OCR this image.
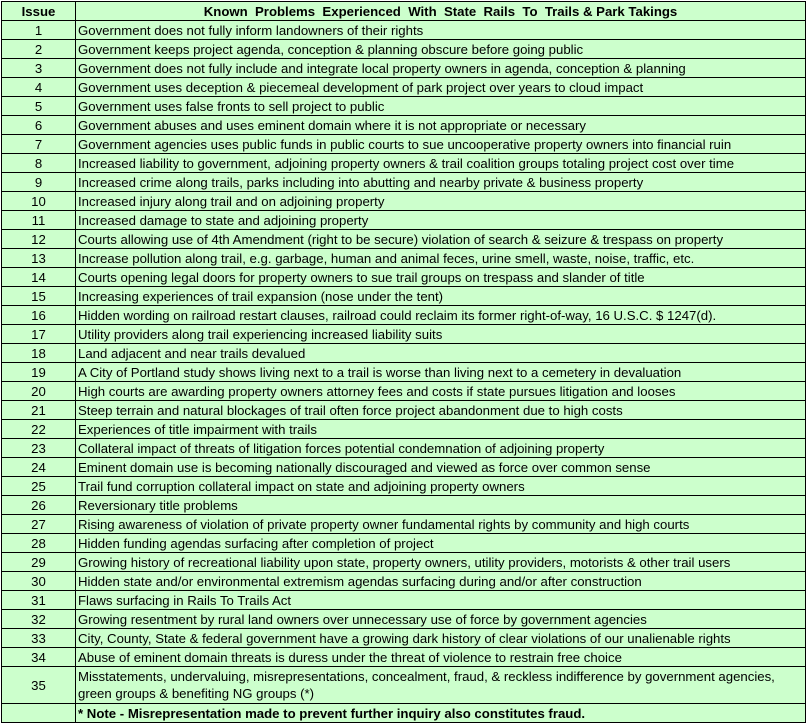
Issue	Known  Problems  Experienced  With  State  Rails  To  Trails & Park Takings
1	Government does not fully inform landowners of their rights
2	Government keeps project agenda, conception & planning obscure before going public
3	Government does not fully include and integrate local property owners in agenda, conception & planning
4	Government uses deception & piecemeal development of park project over years to cloud impact
5	Government uses false fronts to sell project to public
6	Government abuses and uses eminent domain where it is not appropriate or necessary
7	Government agencies uses public funds in public courts to sue uncooperative property owners into financial ruin
8	Increased liability to government, adjoining property owners & trail coalition groups totaling project cost over time
9	Increased crime along trails, parks including into abutting and nearby private & business property
10	Increased injury along trail and on adjoining property
11	Increased damage to state and adjoining property
12	Courts allowing use of 4th Amendment (right to be secure) violation of search & seizure & trespass on property
13	Increase pollution along trail, e.g. garbage, human and animal feces, urine smell, waste, noise, traffic, etc.
14	Courts opening legal doors for property owners to sue trail groups on trespass and slander of title
15	Increasing experiences of trail expansion (nose under the tent)
16	Hidden wording on railroad restart clauses, railroad could reclaim its former right-of-way, 16 U.S.C. $ 1247(d).
17	Utility providers along trail experiencing increased liability suits
18	Land adjacent and near trails devalued
19	A City of Portland study shows living next to a trail is worse than living next to a cemetery in devaluation
20	High courts are awarding property owners attorney fees and costs if state pursues litigation and looses
21	Steep terrain and natural blockages of trail often force project abandonment due to high costs
22	Experiences of title impairment with trails
23	Collateral impact of threats of litigation forces potential condemnation of adjoining property
24	Eminent domain use is becoming nationally discouraged and viewed as force over common sense
25	Trail fund corruption collateral impact on state and adjoining property owners
26	Reversionary title problems
27	Rising awareness of violation of private property owner fundamental rights by community and high courts
28	Hidden funding agendas surfacing after completion of project
29	Growing history of recreational liability upon state, property owners, utility providers, motorists & other trail users
30	Hidden state and/or environmental extremism agendas surfacing during and/or after construction
31	Flaws surfacing in Rails To Trails Act
32	Growing resentment by rural land owners over unnecessary use of force by government agencies
33	City, County, State & federal government have a growing dark history of clear violations of our unalienable rights
34	Abuse of eminent domain threats is duress under the threat of violence to restrain free choice
35	Misstatements, undervaluing, misrepresentations, concealment, fraud, & reckless indifference by government agencies, green groups & benefiting NG groups (*)
	* Note - Misrepresentation made to prevent further inquiry also constitutes fraud.
